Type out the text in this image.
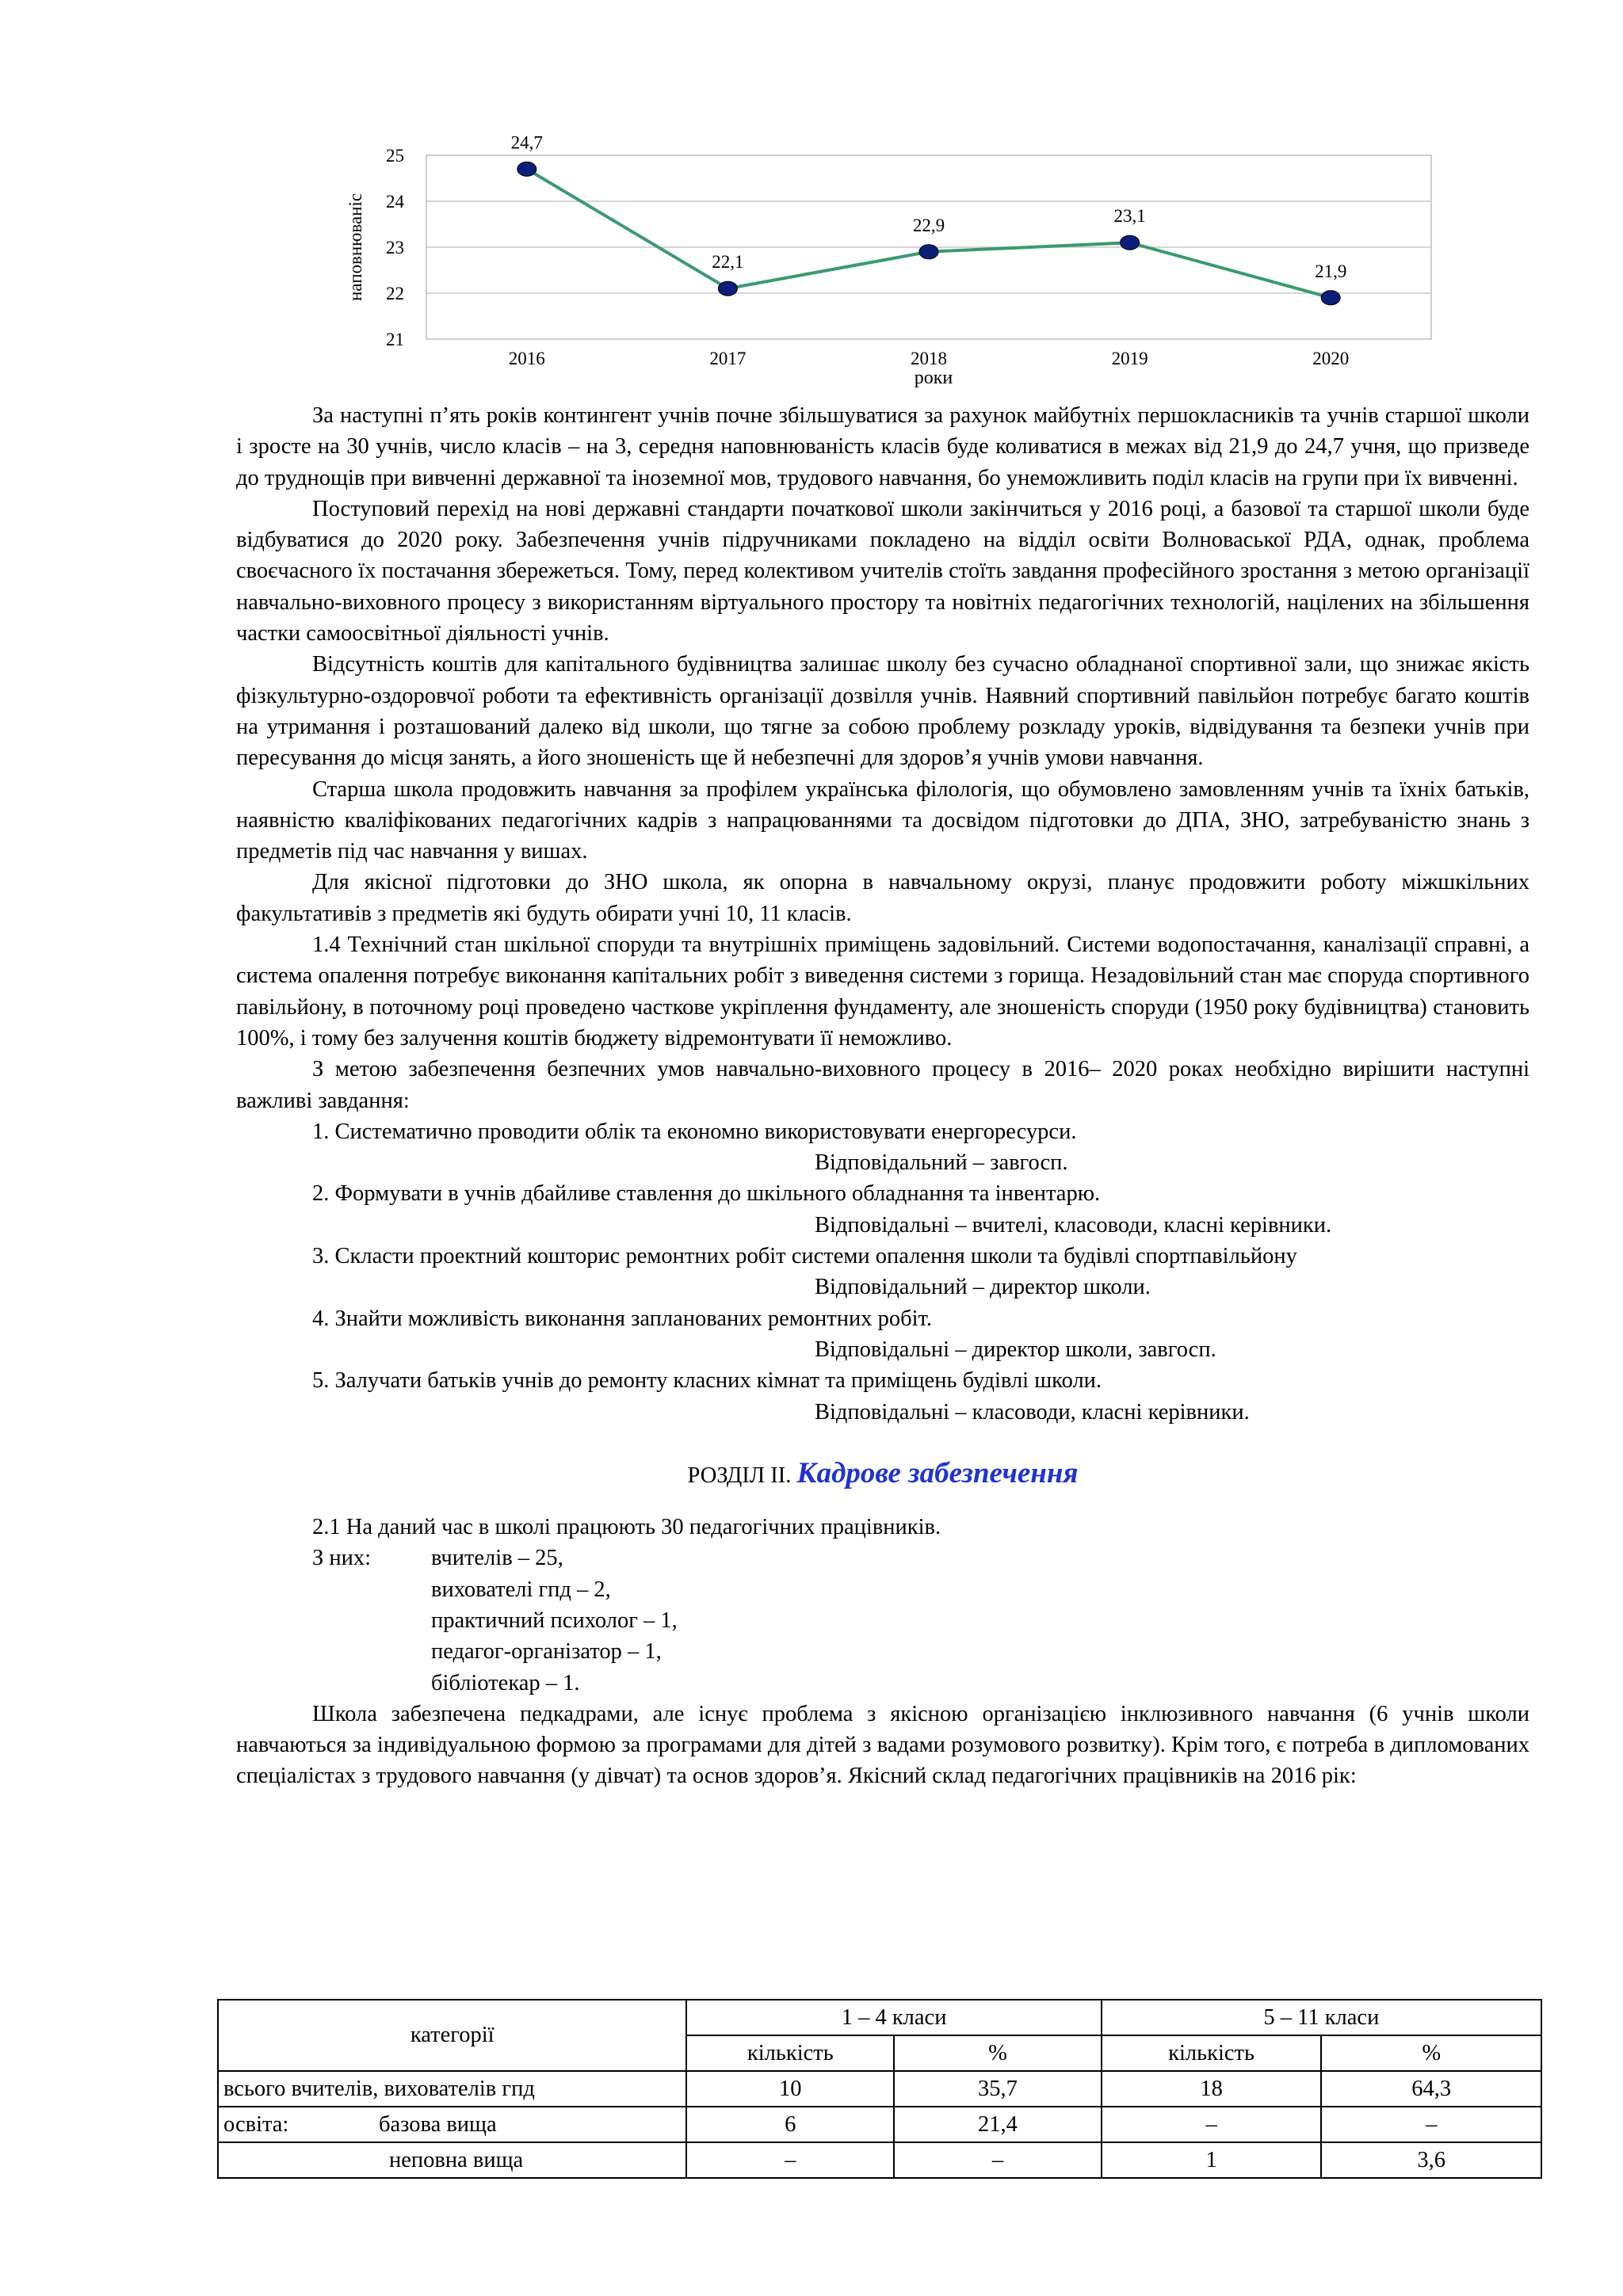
21
22
23
24
25
2016	2017	2018	2019	2020
24,7
22,1
22,9	23,1
21,9
наповнюваніс
роки

За наступні п’ять років контингент учнів почне збільшуватися за рахунок майбутніх першокласників та учнів старшої школи і зросте на 30 учнів, число класів – на 3, середня наповнюваність класів буде коливатися в межах від 21,9 до 24,7 учня, що призведе до труднощів при вивченні державної та іноземної мов, трудового навчання, бо унеможливить поділ класів на групи при їх вивченні.

Поступовий перехід на нові державні стандарти початкової школи закінчиться у 2016 році, а базової та старшої школи буде відбуватися до 2020 року. Забезпечення учнів підручниками покладено на відділ освіти Волноваської РДА, однак, проблема своєчасного їх постачання збережеться. Тому, перед колективом учителів стоїть завдання професійного зростання з метою організації навчально-виховного процесу з використанням віртуального простору та новітніх педагогічних технологій, націлених на збільшення частки самоосвітньої діяльності учнів.

Відсутність коштів для капітального будівництва залишає школу без сучасно обладнаної спортивної зали, що знижає якість фізкультурно-оздоровчої роботи та ефективність організації дозвілля учнів. Наявний спортивний павільйон потребує багато коштів на утримання і розташований далеко від школи, що тягне за собою проблему розкладу уроків, відвідування та безпеки учнів при пересування до місця занять, а його зношеність ще й небезпечні для здоров’я учнів умови навчання.

Старша школа продовжить навчання за профілем українська філологія, що обумовлено замовленням учнів та їхніх батьків, наявністю кваліфікованих педагогічних кадрів з напрацюваннями та досвідом підготовки до ДПА, ЗНО, затребуваністю знань з предметів під час навчання у вишах.

Для якісної підготовки до ЗНО школа, як опорна в навчальному окрузі, планує продовжити роботу міжшкільних факультативів з предметів які будуть обирати учні 10, 11 класів.

1.4 Технічний стан шкільної споруди та внутрішніх приміщень задовільний. Системи водопостачання, каналізації справні, а система опалення потребує виконання капітальних робіт з виведення системи з горища. Незадовільний стан має споруда спортивного павільйону, в поточному році проведено часткове укріплення фундаменту, але зношеність споруди (1950 року будівництва) становить 100%, і тому без залучення коштів бюджету відремонтувати її неможливо.

З метою забезпечення безпечних умов навчально-виховного процесу в 2016– 2020 роках необхідно вирішити наступні важливі завдання:

1. Систематично проводити облік та економно використовувати енергоресурси.

Відповідальний – завгосп.

2. Формувати в учнів дбайливе ставлення до шкільного обладнання та інвентарю.

Відповідальні – вчителі, класоводи, класні керівники.

3. Скласти проектний кошторис ремонтних робіт системи опалення школи та будівлі спортпавільйону

Відповідальний – директор школи.

4. Знайти можливість виконання запланованих ремонтних робіт.

Відповідальні – директор школи, завгосп.

5. Залучати батьків учнів до ремонту класних кімнат та приміщень будівлі школи.

Відповідальні – класоводи, класні керівники.

РОЗДІЛ ІІ. Кадрове забезпечення

2.1 На даний час в школі працюють 30 педагогічних працівників.

З них:	вчителів – 25,

вихователі гпд – 2,

практичний психолог – 1,

педагог-організатор – 1,

бібліотекар – 1.

Школа забезпечена педкадрами, але існує проблема з якісною організацією інклюзивного навчання (6 учнів школи навчаються за індивідуальною формою за програмами для дітей з вадами розумового розвитку). Крім того, є потреба в дипломованих спеціалістах з трудового навчання (у дівчат) та основ здоров’я. Якісний склад педагогічних працівників на 2016 рік:

категорії	1 – 4 класи		5 – 11 класи	
	кількість	%	кількість	%
всього вчителів, вихователів гпд	10	35,7	18	64,3
освіта: базова вища	6	21,4	–	–
неповна вища	–	–	1	3,6
